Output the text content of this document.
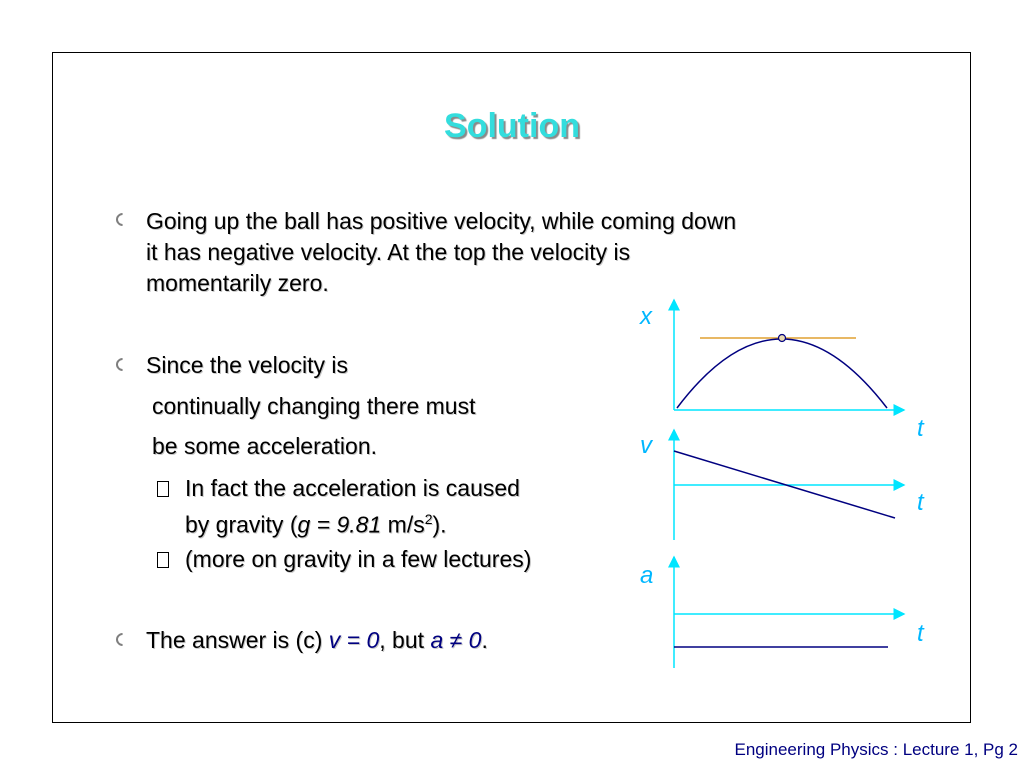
Solution
Going up the ball has positive velocity, while coming down
it has negative velocity. At the top the velocity is
momentarily zero.
Since the velocity is
continually changing there must
be some acceleration.
In fact the acceleration is caused
by gravity (g = 9.81 $m/s^2$).
(more on gravity in a few lectures)
The answer is (c) v = 0, but a ≠ 0.
x
t
v
t
a
t
Engineering Physics : Lecture 1, Pg 2
